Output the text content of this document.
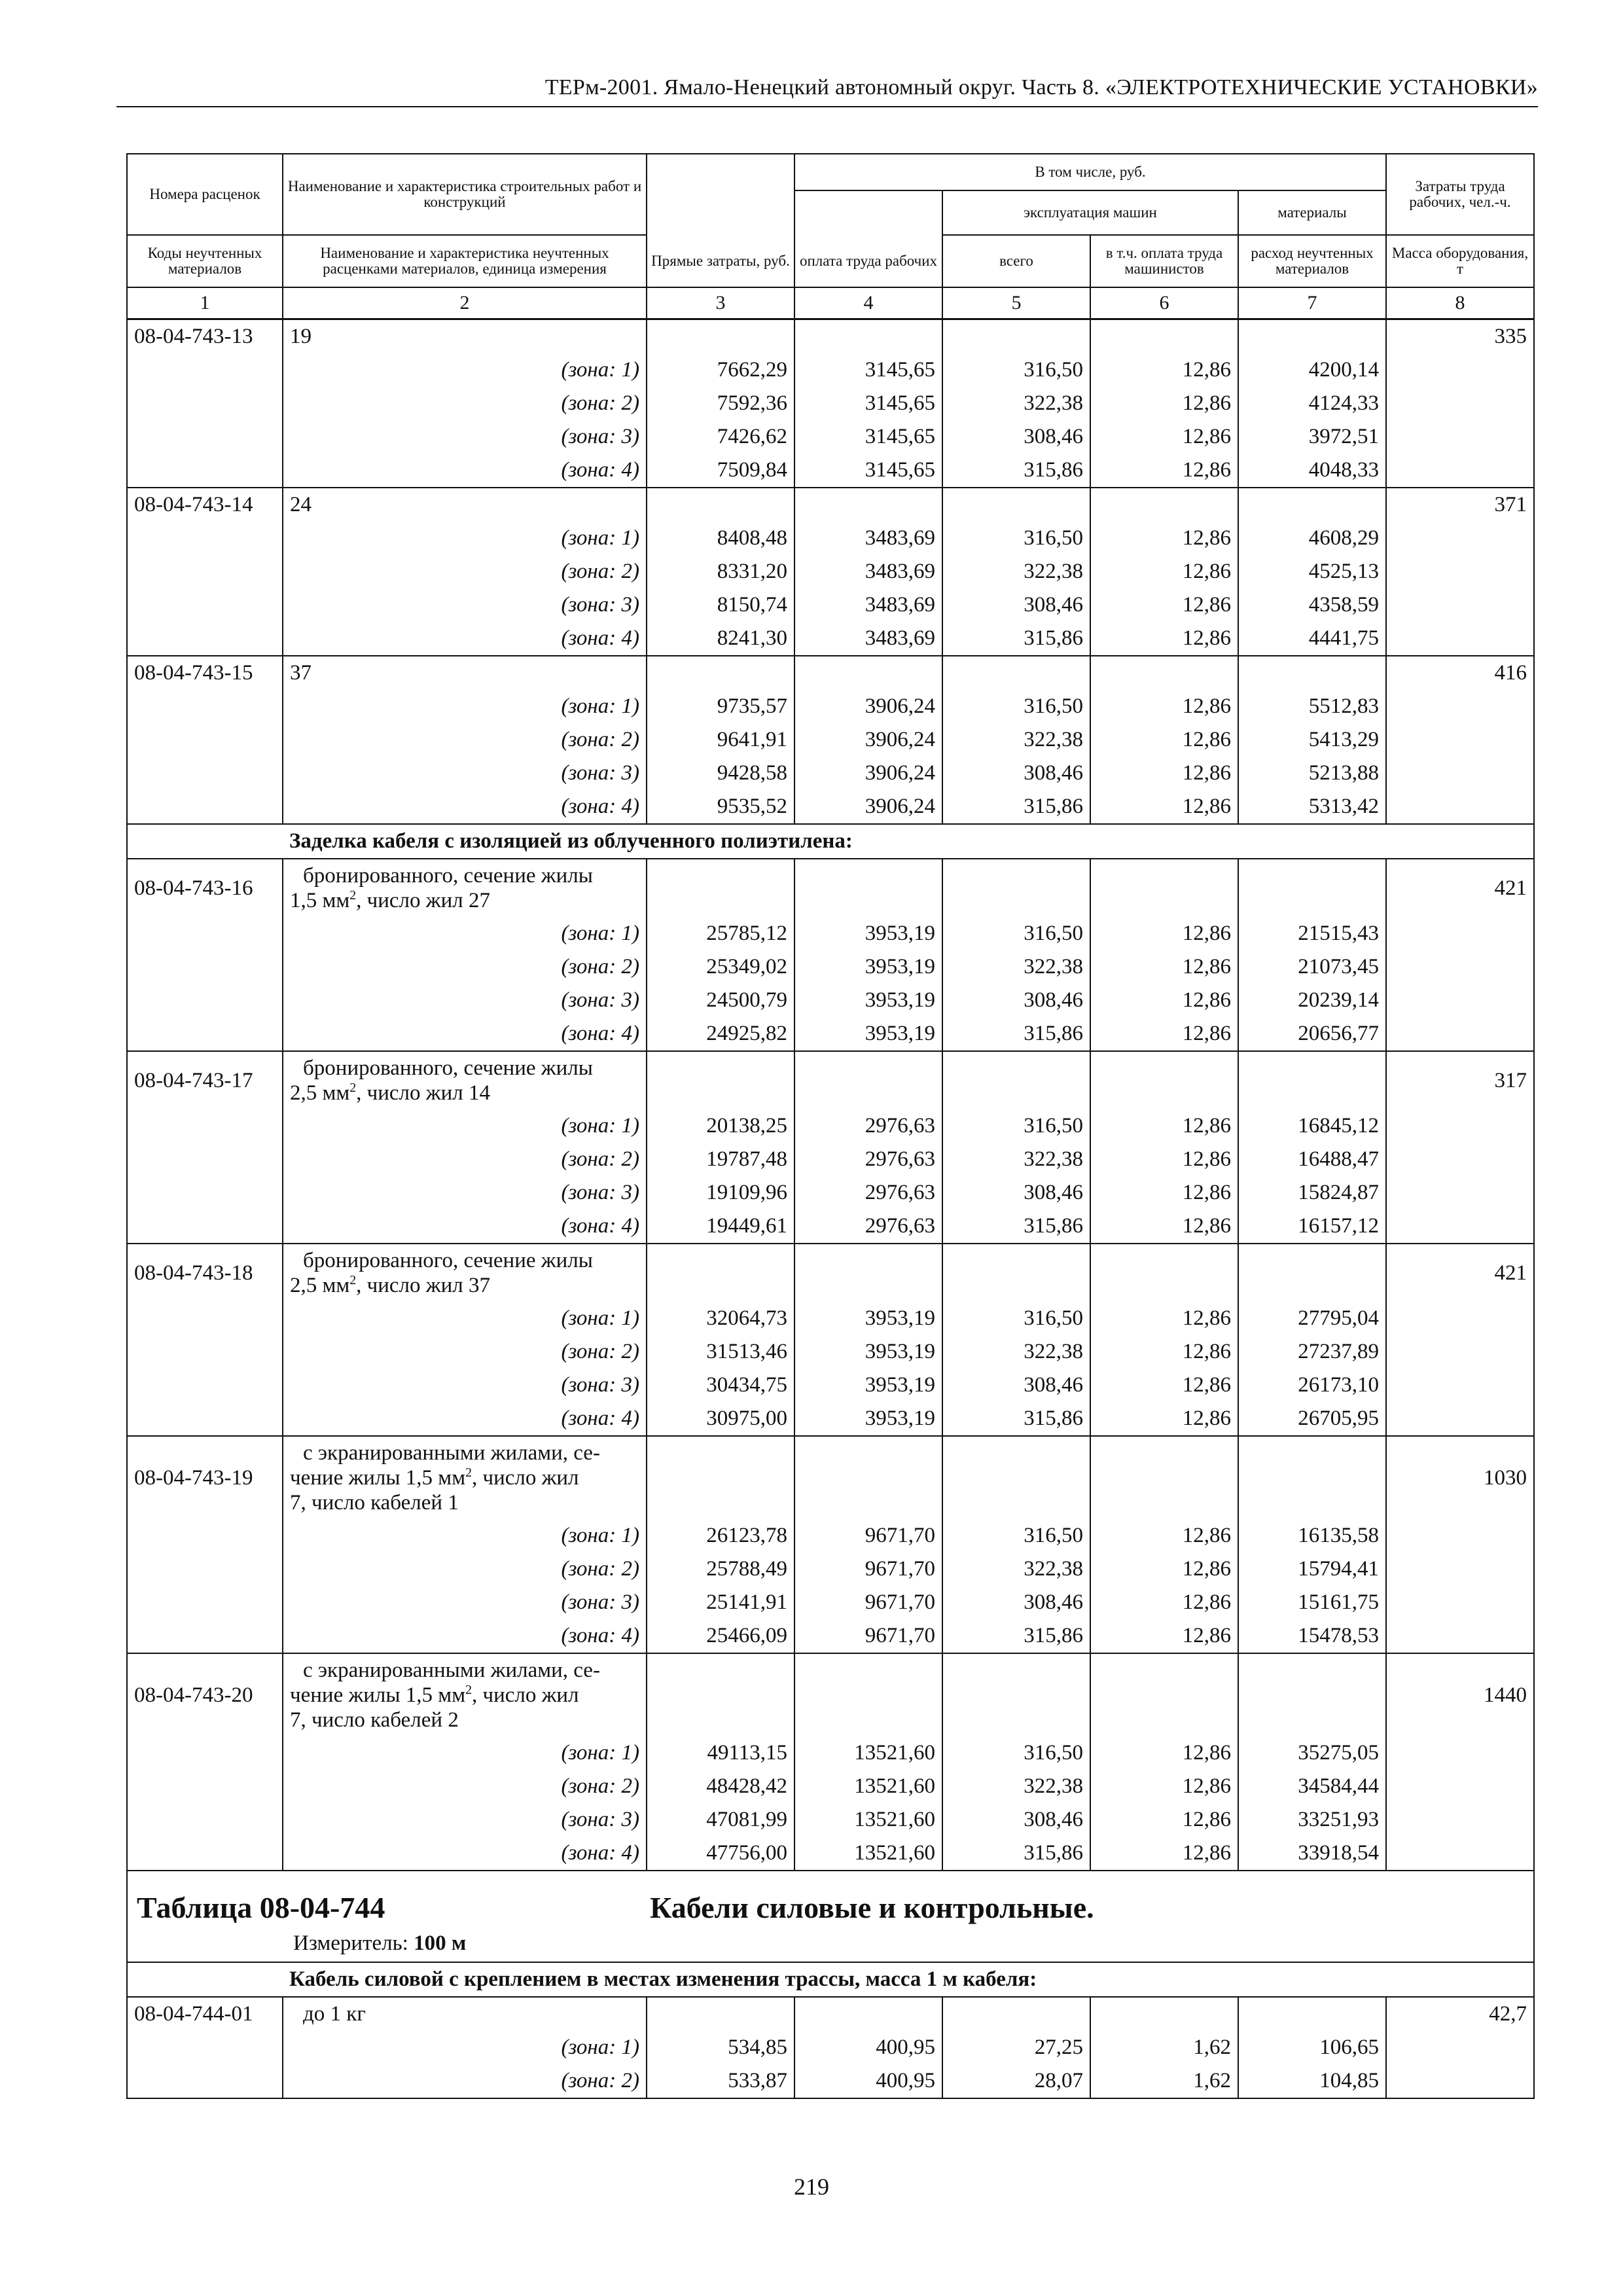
ТЕРм-2001. Ямало-Ненецкий автономный округ. Часть 8. «ЭЛЕКТРОТЕХНИЧЕСКИЕ УСТАНОВКИ»
Номера расценок	Наименование и характеристика строительных работ и конструкций		В том числе, руб.				Затраты труда рабочих, чел.-ч.
				эксплуатация машин		материалы	

Коды неучтенных материалов	Наименование и характеристика неучтенных расценками материалов, единица измерения	Прямые затраты, руб.	оплата труда рабочих	всего	в т.ч. оплата труда машинистов	расход неучтенных материалов	Масса оборудования, т
1	2	3	4	5	6	7	8
08-04-743-13	19						335
	(зона: 1)	7662,29	3145,65	316,50	12,86	4200,14	
	(зона: 2)	7592,36	3145,65	322,38	12,86	4124,33	
	(зона: 3)	7426,62	3145,65	308,46	12,86	3972,51	
	(зона: 4)	7509,84	3145,65	315,86	12,86	4048,33	
08-04-743-14	24						371
	(зона: 1)	8408,48	3483,69	316,50	12,86	4608,29	
	(зона: 2)	8331,20	3483,69	322,38	12,86	4525,13	
	(зона: 3)	8150,74	3483,69	308,46	12,86	4358,59	
	(зона: 4)	8241,30	3483,69	315,86	12,86	4441,75	
08-04-743-15	37						416
	(зона: 1)	9735,57	3906,24	316,50	12,86	5512,83	
	(зона: 2)	9641,91	3906,24	322,38	12,86	5413,29	
	(зона: 3)	9428,58	3906,24	308,46	12,86	5213,88	
	(зона: 4)	9535,52	3906,24	315,86	12,86	5313,42	
	Заделка кабеля с изоляцией из облученного полиэтилена:						
08-04-743-16	бронированного, сечение жилы
1,5 $мм^2$, число жил 27						421
	(зона: 1)	25785,12	3953,19	316,50	12,86	21515,43	
	(зона: 2)	25349,02	3953,19	322,38	12,86	21073,45	
	(зона: 3)	24500,79	3953,19	308,46	12,86	20239,14	
	(зона: 4)	24925,82	3953,19	315,86	12,86	20656,77	
08-04-743-17	бронированного, сечение жилы
2,5 $мм^2$, число жил 14						317
	(зона: 1)	20138,25	2976,63	316,50	12,86	16845,12	
	(зона: 2)	19787,48	2976,63	322,38	12,86	16488,47	
	(зона: 3)	19109,96	2976,63	308,46	12,86	15824,87	
	(зона: 4)	19449,61	2976,63	315,86	12,86	16157,12	
08-04-743-18	бронированного, сечение жилы
2,5 $мм^2$, число жил 37						421
	(зона: 1)	32064,73	3953,19	316,50	12,86	27795,04	
	(зона: 2)	31513,46	3953,19	322,38	12,86	27237,89	
	(зона: 3)	30434,75	3953,19	308,46	12,86	26173,10	
	(зона: 4)	30975,00	3953,19	315,86	12,86	26705,95	
08-04-743-19	с экранированными жилами, се-
чение жилы 1,5 $мм^2$, число жил
7, число кабелей 1						1030
	(зона: 1)	26123,78	9671,70	316,50	12,86	16135,58	
	(зона: 2)	25788,49	9671,70	322,38	12,86	15794,41	
	(зона: 3)	25141,91	9671,70	308,46	12,86	15161,75	
	(зона: 4)	25466,09	9671,70	315,86	12,86	15478,53	
08-04-743-20	с экранированными жилами, се-
чение жилы 1,5 $мм^2$, число жил
7, число кабелей 2						1440
	(зона: 1)	49113,15	13521,60	316,50	12,86	35275,05	
	(зона: 2)	48428,42	13521,60	322,38	12,86	34584,44	
	(зона: 3)	47081,99	13521,60	308,46	12,86	33251,93	
	(зона: 4)	47756,00	13521,60	315,86	12,86	33918,54	
Таблица 08-04-744 Кабели силовые и контрольные.							
Измеритель: 100 м							
	Кабель силовой с креплением в местах изменения трассы, масса 1 м кабеля:						
08-04-744-01	до 1 кг						42,7
	(зона: 1)	534,85	400,95	27,25	1,62	106,65	
	(зона: 2)	533,87	400,95	28,07	1,62	104,85	
219
